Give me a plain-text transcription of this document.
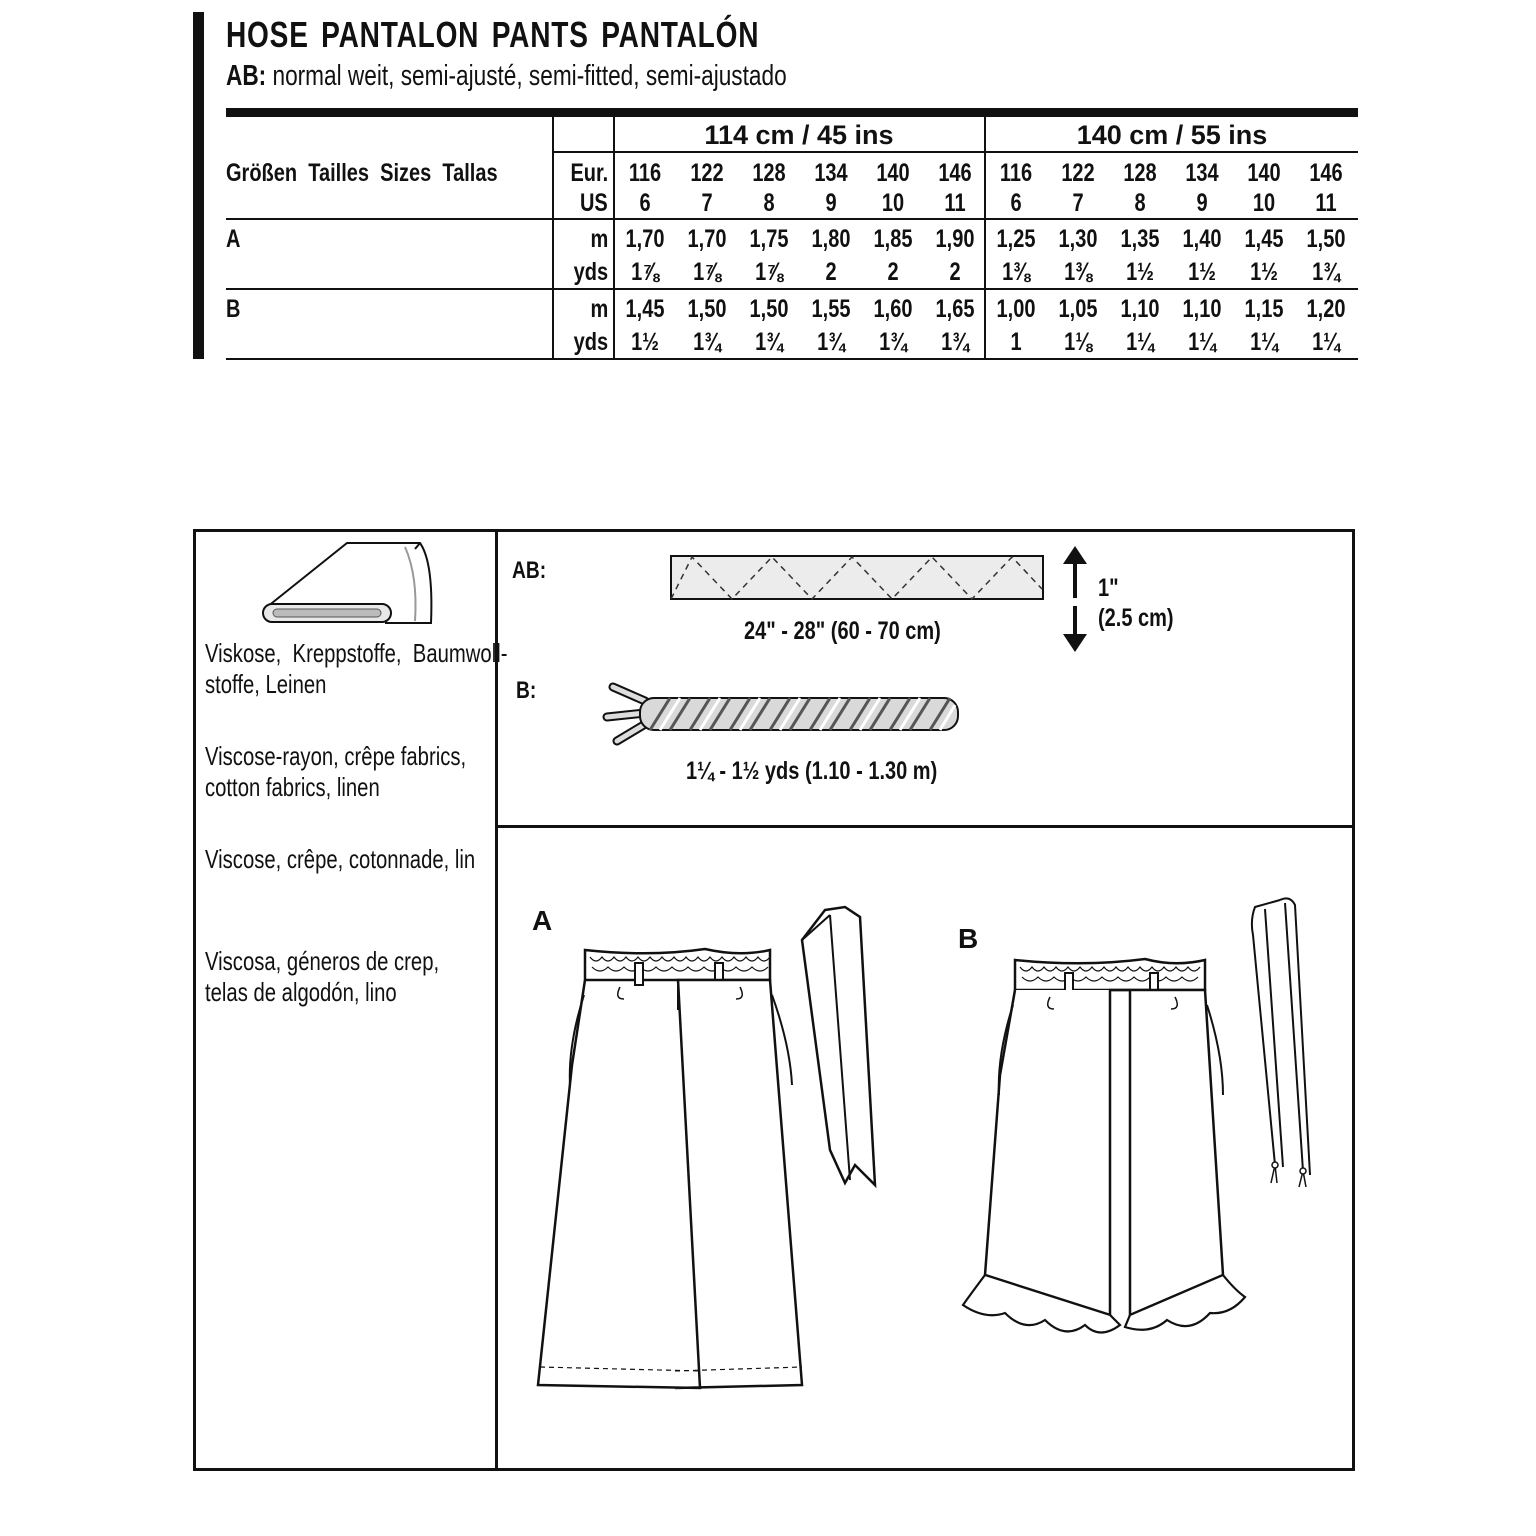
HOSE PANTALON PANTS PANTALÓN
AB: normal weit, semi-ajusté, semi-fitted, semi-ajustado
114 cm / 45 ins	140 cm / 55 ins
Größen  Tailles  Sizes  Tallas	Eur.
US
A
B
m
yds
m
yds
116
6
1,70
1⅞
1,45
1½
122
7
1,70
1⅞
1,50
1¾
128
8
1,75
1⅞
1,50
1¾
134
9
1,80
2
1,55
1¾
140
10
1,85
2
1,60
1¾
146
11
1,90
2
1,65
1¾
116
6
1,25
1⅜
1,00
1
122
7
1,30
1⅜
1,05
1⅛
128
8
1,35
1½
1,10
1¼
134
9
1,40
1½
1,10
1¼
140
10
1,45
1½
1,15
1¼
146
11
1,50
1¾
1,20
1¼
Viskose,  Kreppstoffe,  Baumwoll-
stoffe, Leinen
Viscose-rayon, crêpe fabrics,
cotton fabrics, linen
Viscose, crêpe, cotonnade, lin
Viscosa, géneros de crep,
telas de algodón, lino
AB:
24" - 28" (60 - 70 cm)
1"
(2.5 cm)
B:
1¼ - 1½ yds (1.10 - 1.30 m)
A
B
